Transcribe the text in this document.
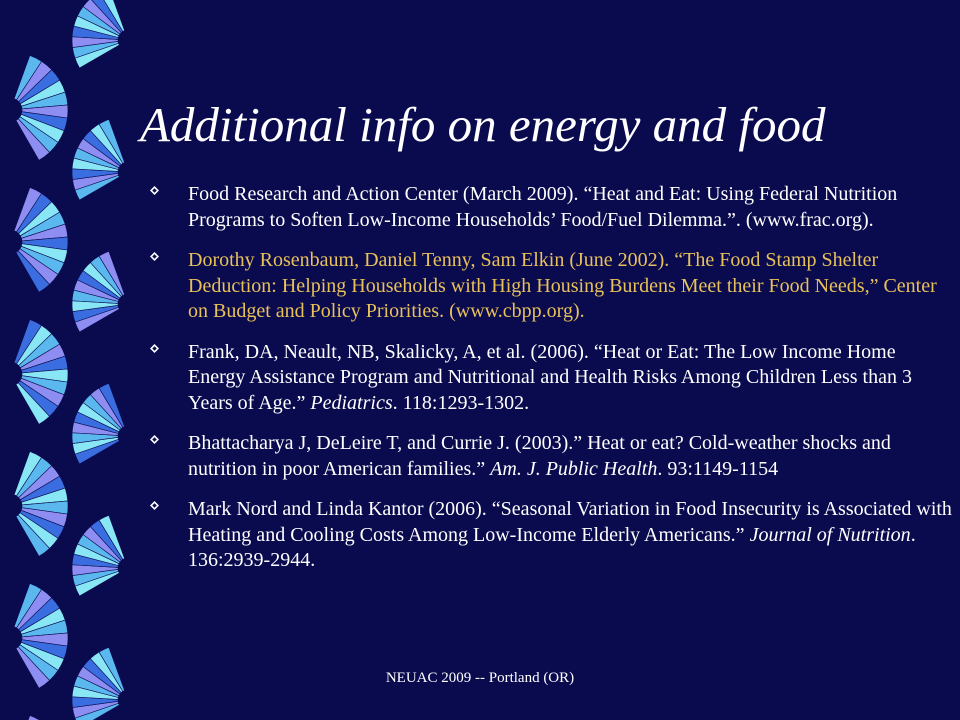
Additional info on energy and food
Food Research and Action Center (March 2009). “Heat and Eat: Using Federal Nutrition Programs to Soften Low-Income Households’ Food/Fuel Dilemma.”. (www.frac.org).
Dorothy Rosenbaum, Daniel Tenny, Sam Elkin (June 2002). “The Food Stamp Shelter Deduction: Helping Households with High Housing Burdens Meet their Food Needs,” Center on Budget and Policy Priorities. (www.cbpp.org).
Frank, DA, Neault, NB, Skalicky, A, et al. (2006). “Heat or Eat: The Low Income Home Energy Assistance Program and Nutritional and Health Risks Among Children Less than 3 Years of Age.” Pediatrics. 118:1293-1302.
Bhattacharya J, DeLeire T, and Currie J. (2003).” Heat or eat? Cold-weather shocks and nutrition in poor American families.” Am. J. Public Health. 93:1149-1154
Mark Nord and Linda Kantor (2006). “Seasonal Variation in Food Insecurity is Associated with Heating and Cooling Costs Among Low-Income Elderly Americans.” Journal of Nutrition. 136:2939-2944.
NEUAC 2009 -- Portland (OR)
